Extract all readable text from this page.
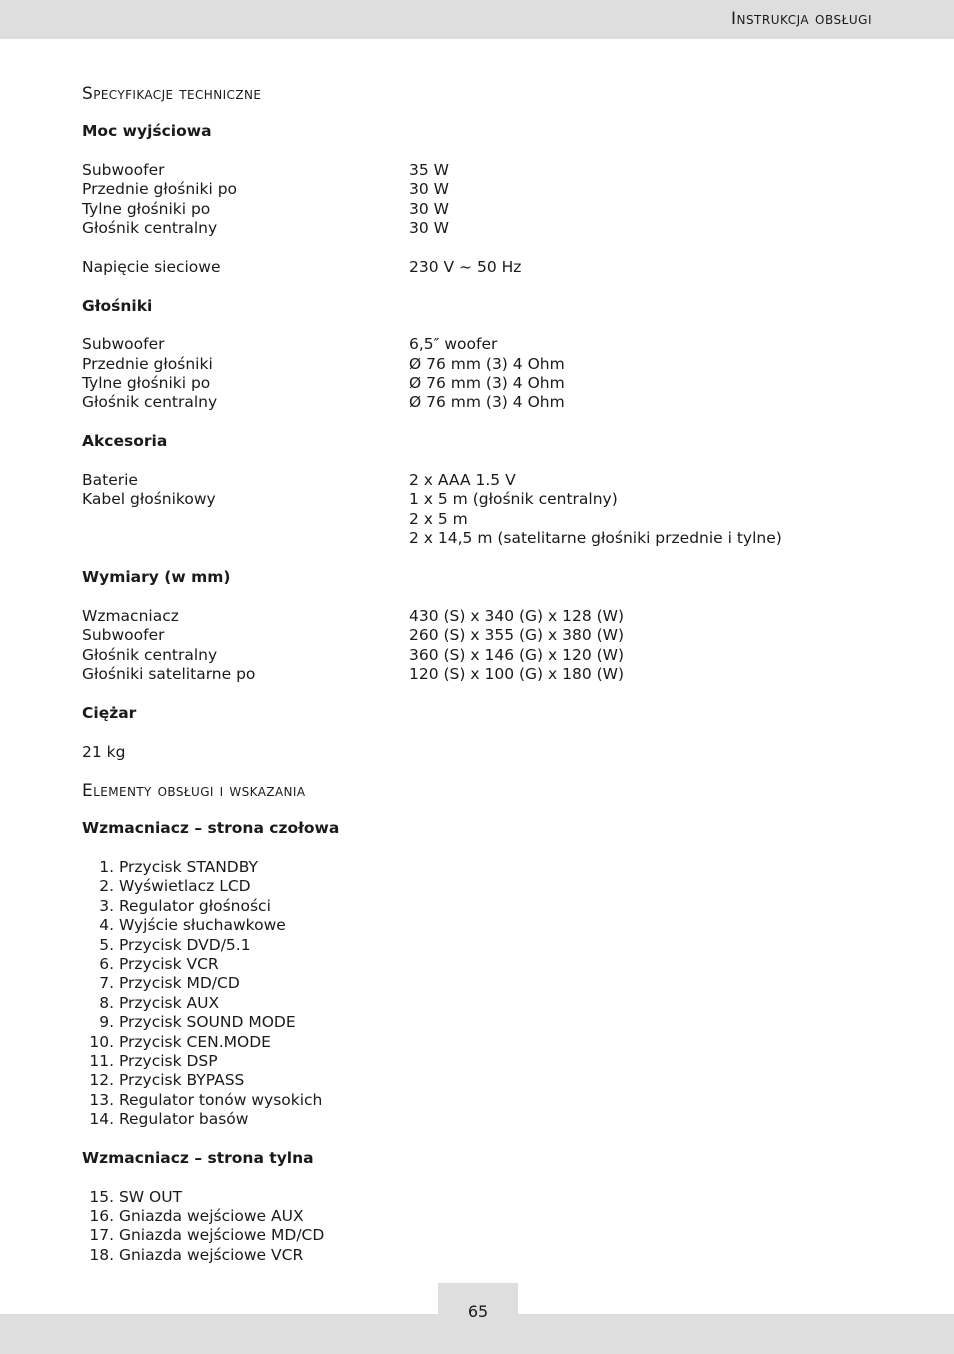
Instrukcja obsługi
Specyfikacje techniczne
Moc wyjściowa
Subwoofer	35 W
Przednie głośniki po	30 W
Tylne głośniki po	30 W
Głośnik centralny	30 W
Napięcie sieciowe	230 V ~ 50 Hz
Głośniki
Subwoofer	6,5″ woofer
Przednie głośniki	Ø 76 mm (3) 4 Ohm
Tylne głośniki po	Ø 76 mm (3) 4 Ohm
Głośnik centralny	Ø 76 mm (3) 4 Ohm
Akcesoria
Baterie	2 x AAA 1.5 V
Kabel głośnikowy	1 x 5 m (głośnik centralny)
2 x 5 m
2 x 14,5 m (satelitarne głośniki przednie i tylne)
Wymiary (w mm)
Wzmacniacz	430 (S) x 340 (G) x 128 (W)
Subwoofer	260 (S) x 355 (G) x 380 (W)
Głośnik centralny	360 (S) x 146 (G) x 120 (W)
Głośniki satelitarne po	120 (S) x 100 (G) x 180 (W)
Ciężar
21 kg
Elementy obsługi i wskazania
Wzmacniacz – strona czołowa
1.
Przycisk STANDBY
2.
Wyświetlacz LCD
3.
Regulator głośności
4.
Wyjście słuchawkowe
5.
Przycisk DVD/5.1
6.
Przycisk VCR
7.
Przycisk MD/CD
8.
Przycisk AUX
9.
Przycisk SOUND MODE
10.
Przycisk CEN.MODE
11.
Przycisk DSP
12.
Przycisk BYPASS
13.
Regulator tonów wysokich
14.
Regulator basów
Wzmacniacz – strona tylna
15.
SW OUT
16.
Gniazda wejściowe AUX
17.
Gniazda wejściowe MD/CD
18.
Gniazda wejściowe VCR
65
